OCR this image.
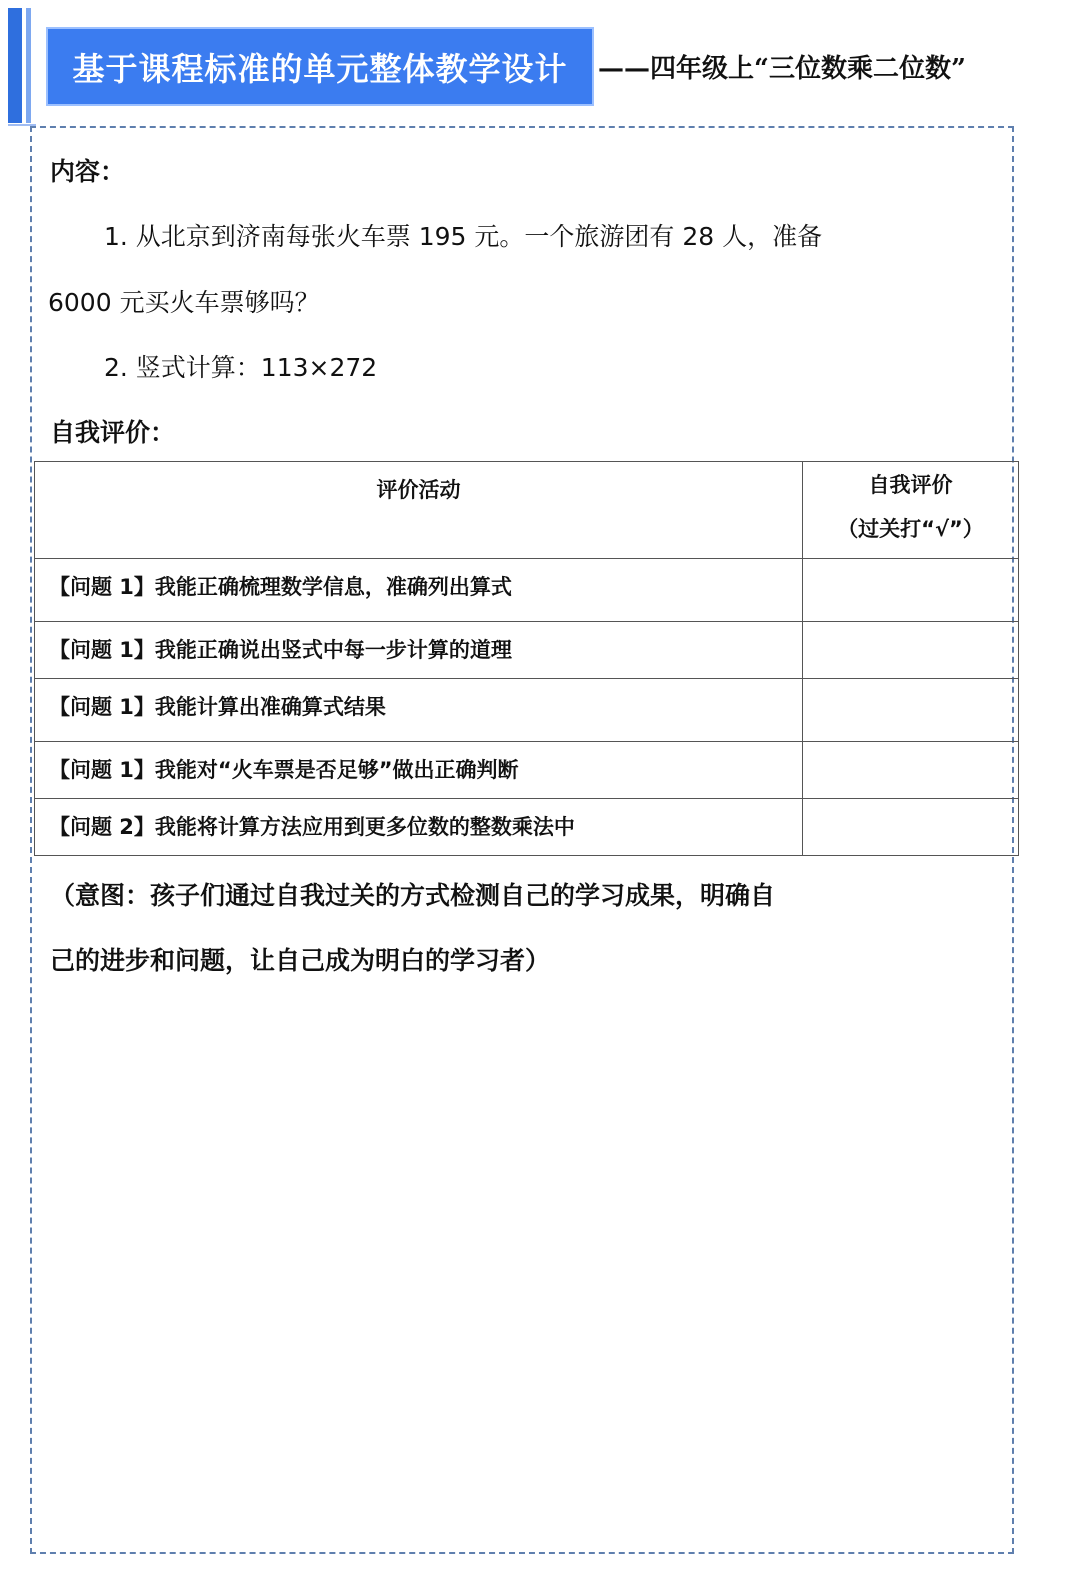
基于课程标准的单元整体教学设计 ——四年级上“三位数乘二位数”
内容：
1. 从北京到济南每张火车票 195 元。一个旅游团有 28 人，准备
6000 元买火车票够吗？
2. 竖式计算：113×272
自我评价：
评价活动	自我评价
（过关打“√”）

【问题 1】我能正确梳理数学信息，准确列出算式	
【问题 1】我能正确说出竖式中每一步计算的道理	
【问题 1】我能计算出准确算式结果	
【问题 1】我能对“火车票是否足够”做出正确判断	
【问题 2】我能将计算方法应用到更多位数的整数乘法中	
（意图：孩子们通过自我过关的方式检测自己的学习成果，明确自
己的进步和问题，让自己成为明白的学习者）
